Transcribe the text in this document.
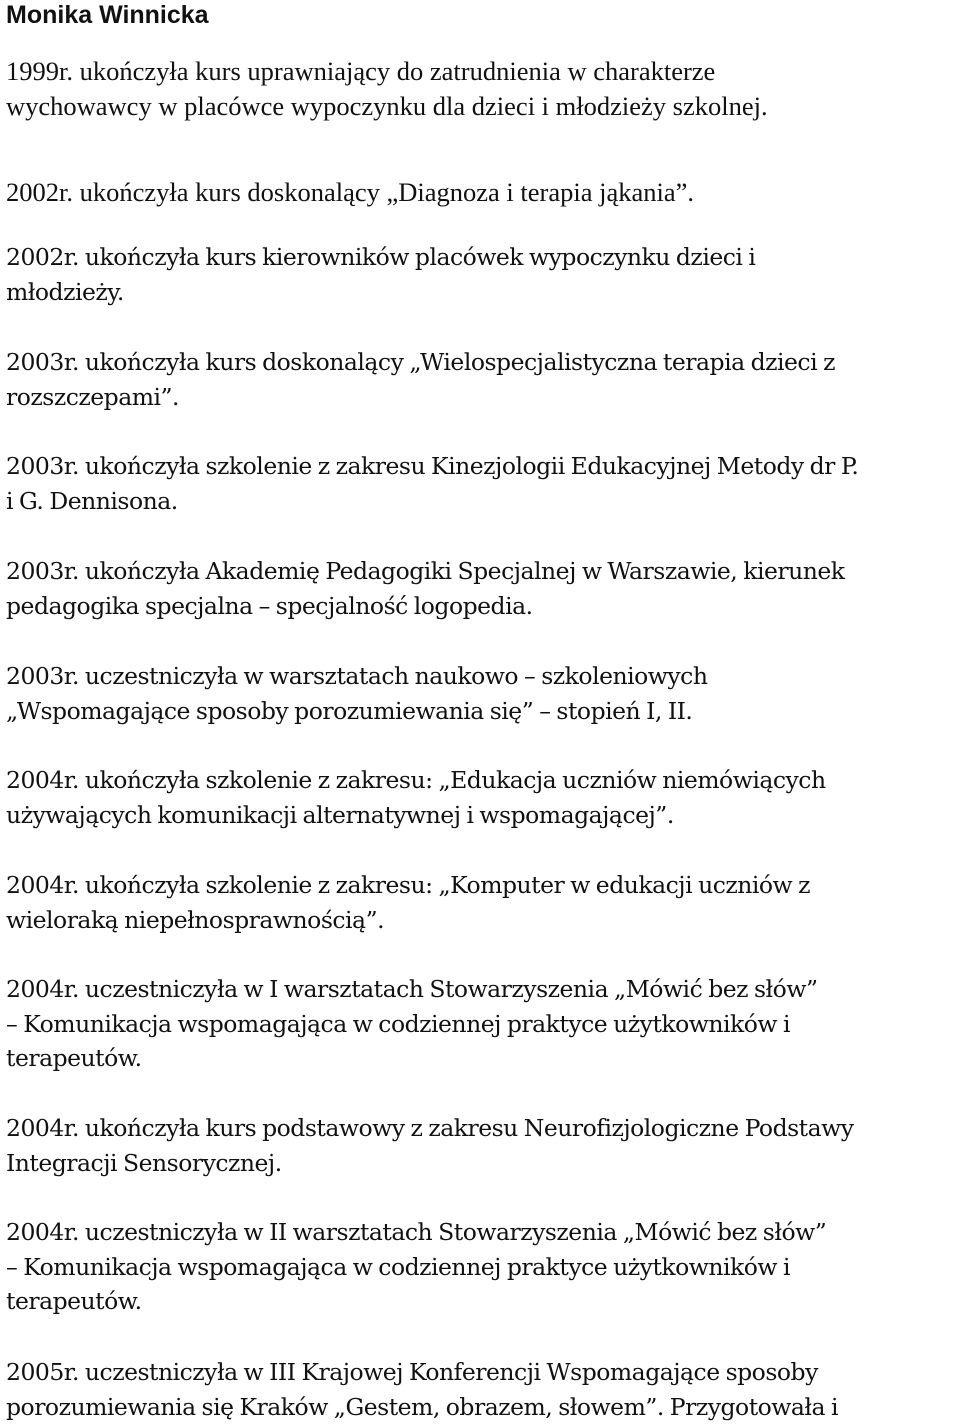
Monika Winnicka

1999r. ukończyła kurs uprawniający do zatrudnienia w charakterze
wychowawcy w placówce wypoczynku dla dzieci i młodzieży szkolnej.

2002r. ukończyła kurs doskonalący „Diagnoza i terapia jąkania”.

2002r. ukończyła kurs kierowników placówek wypoczynku dzieci i
młodzieży.

2003r. ukończyła kurs doskonalący „Wielospecjalistyczna terapia dzieci z
rozszczepami”.

2003r. ukończyła szkolenie z zakresu Kinezjologii Edukacyjnej Metody dr P.
i G. Dennisona.

2003r. ukończyła Akademię Pedagogiki Specjalnej w Warszawie, kierunek
pedagogika specjalna – specjalność logopedia.

2003r. uczestniczyła w warsztatach naukowo – szkoleniowych
„Wspomagające sposoby porozumiewania się” – stopień I, II.

2004r. ukończyła szkolenie z zakresu: „Edukacja uczniów niemówiących
używających komunikacji alternatywnej i wspomagającej”.

2004r. ukończyła szkolenie z zakresu: „Komputer w edukacji uczniów z
wieloraką niepełnosprawnością”.

2004r. uczestniczyła w I warsztatach Stowarzyszenia „Mówić bez słów”
– Komunikacja wspomagająca w codziennej praktyce użytkowników i
terapeutów.

2004r. ukończyła kurs podstawowy z zakresu Neurofizjologiczne Podstawy
Integracji Sensorycznej.

2004r. uczestniczyła w II warsztatach Stowarzyszenia „Mówić bez słów”
– Komunikacja wspomagająca w codziennej praktyce użytkowników i
terapeutów.

2005r. uczestniczyła w III Krajowej Konferencji Wspomagające sposoby
porozumiewania się Kraków „Gestem, obrazem, słowem”. Przygotowała i
